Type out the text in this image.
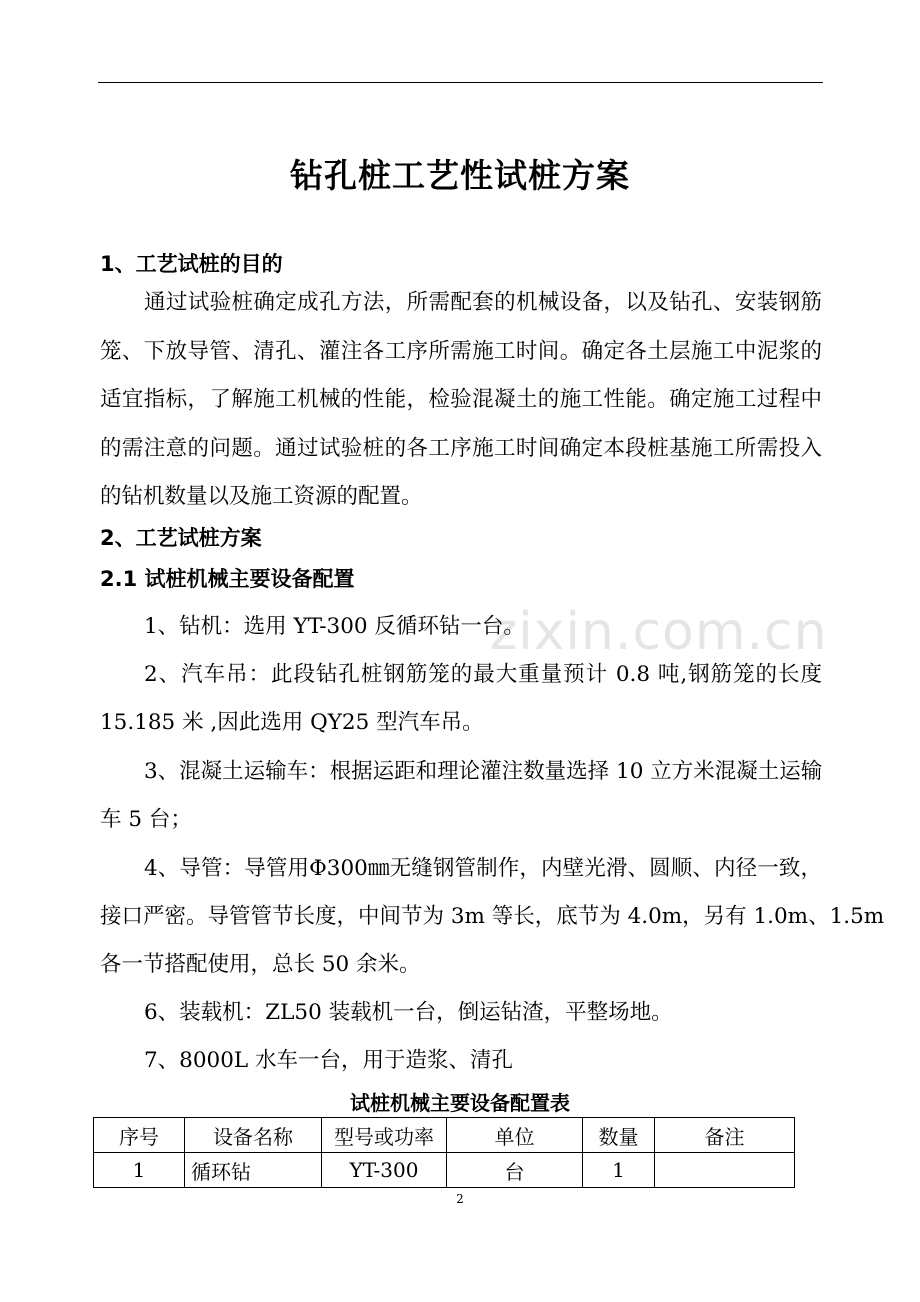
钻孔桩工艺性试桩方案
1、工艺试桩的目的
通过试验桩确定成孔方法，所需配套的机械设备，以及钻孔、安装钢筋
笼、下放导管、清孔、灌注各工序所需施工时间。确定各土层施工中泥浆的
适宜指标，了解施工机械的性能，检验混凝土的施工性能。确定施工过程中
的需注意的问题。通过试验桩的各工序施工时间确定本段桩基施工所需投入
的钻机数量以及施工资源的配置。
2、工艺试桩方案
2.1 试桩机械主要设备配置
zixin.com.cn
1、钻机：选用 YT-300 反循环钻一台。
2、汽车吊：此段钻孔桩钢筋笼的最大重量预计 0.8 吨,钢筋笼的长度
15.185 米 ,因此选用 QY25 型汽车吊。
3、混凝土运输车：根据运距和理论灌注数量选择 10 立方米混凝土运输
车 5 台；
4、导管：导管用Φ300㎜无缝钢管制作，内壁光滑、圆顺、内径一致，
接口严密。导管管节长度，中间节为 3m 等长，底节为 4.0m，另有 1.0m、1.5m
各一节搭配使用，总长 50 余米。
6、装载机：ZL50 装载机一台，倒运钻渣，平整场地。
7、8000L 水车一台，用于造浆、清孔
试桩机械主要设备配置表
序号	设备名称	型号或功率	单位	数量	备注
1	循环钻	YT-300	台	1	
2
